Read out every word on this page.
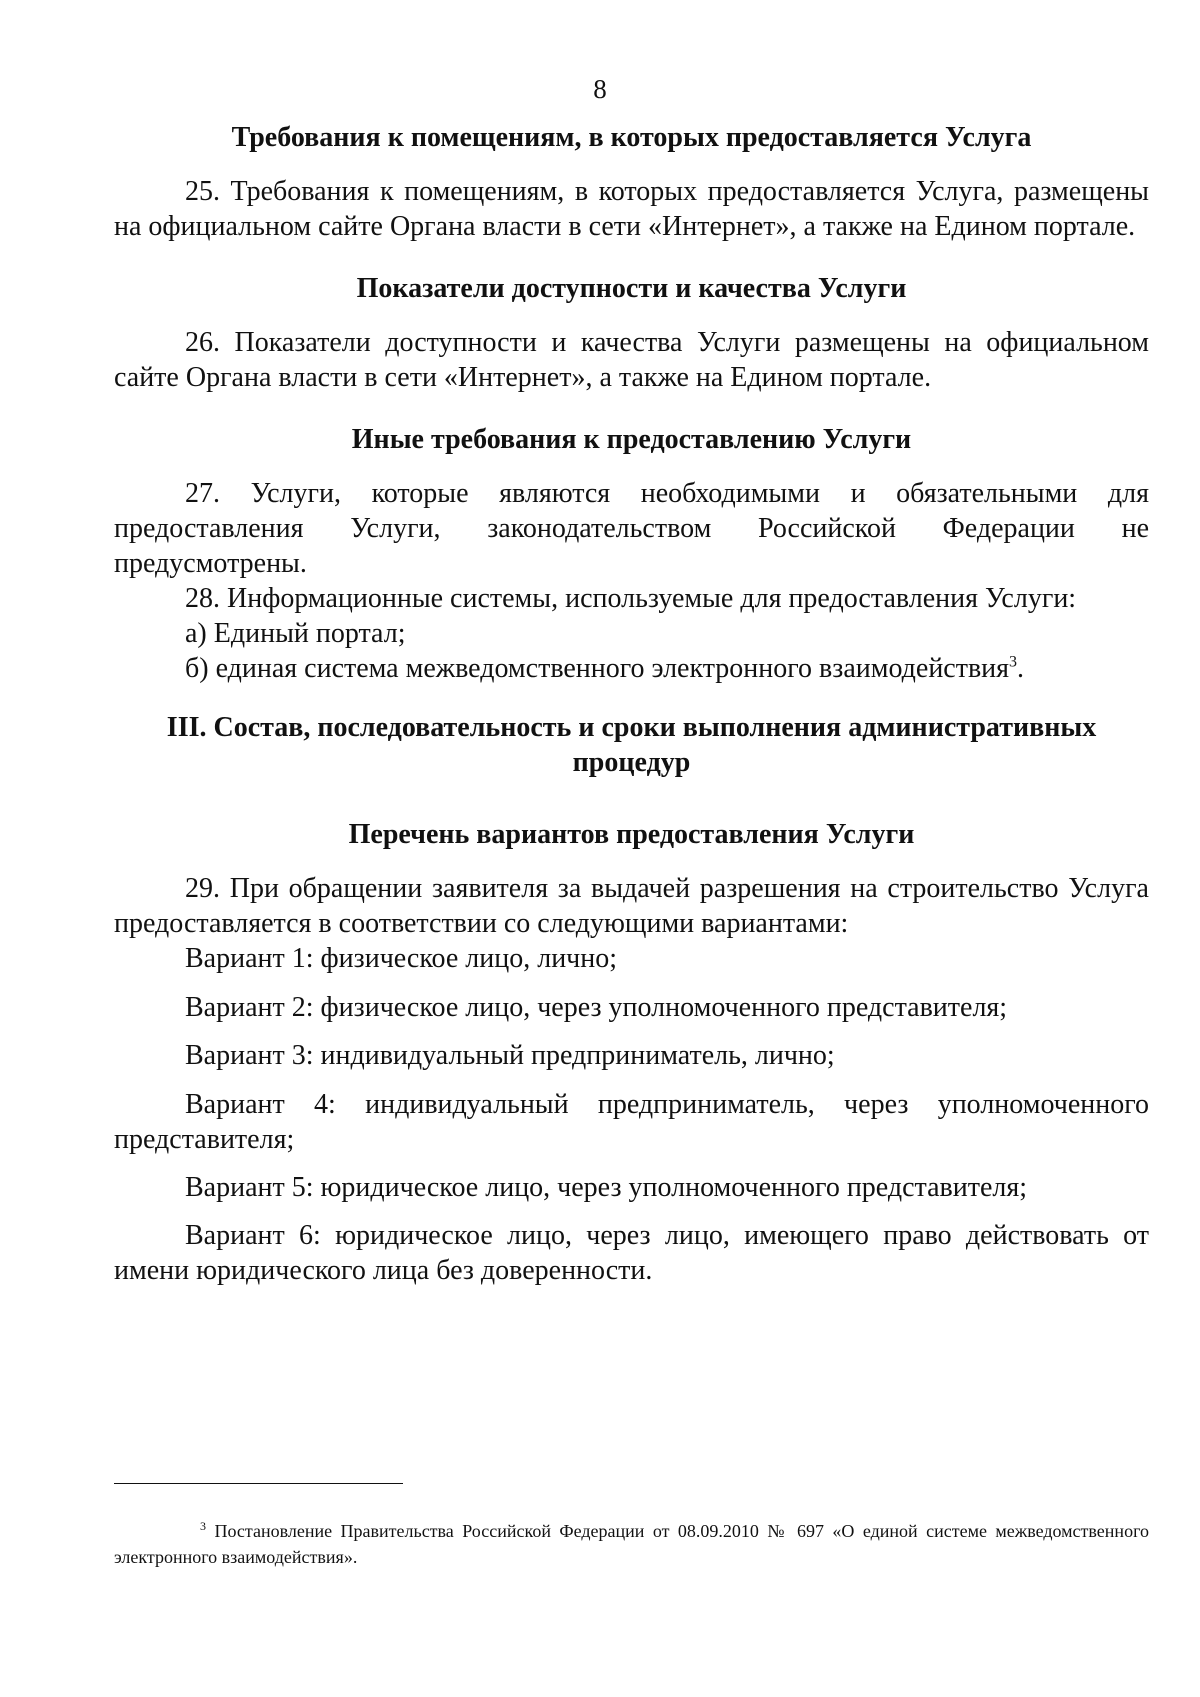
8
Требования к помещениям, в которых предоставляется Услуга

25. Требования к помещениям, в которых предоставляется Услуга, размещены на официальном сайте Органа власти в сети «Интернет», а также на Едином портале.

Показатели доступности и качества Услуги

26. Показатели доступности и качества Услуги размещены на официальном сайте Органа власти в сети «Интернет», а также на Едином портале.

Иные требования к предоставлению Услуги

27. Услуги, которые являются необходимыми и обязательными для предоставления Услуги, законодательством Российской Федерации не предусмотрены.

28. Информационные системы, используемые для предоставления Услуги:

а) Единый портал;

б) единая система межведомственного электронного взаимодействия$^3$.

III. Состав, последовательность и сроки выполнения административных
процедур
Перечень вариантов предоставления Услуги

29. При обращении заявителя за выдачей разрешения на строительство Услуга предоставляется в соответствии со следующими вариантами:

Вариант 1: физическое лицо, лично;

Вариант 2: физическое лицо, через уполномоченного представителя;

Вариант 3: индивидуальный предприниматель, лично;

Вариант 4: индивидуальный предприниматель, через уполномоченного представителя;

Вариант 5: юридическое лицо, через уполномоченного представителя;

Вариант 6: юридическое лицо, через лицо, имеющего право действовать от имени юридического лица без доверенности.

$^3$ Постановление Правительства Российской Федерации от 08.09.2010 № 697 «О единой системе межведомственного электронного взаимодействия».
